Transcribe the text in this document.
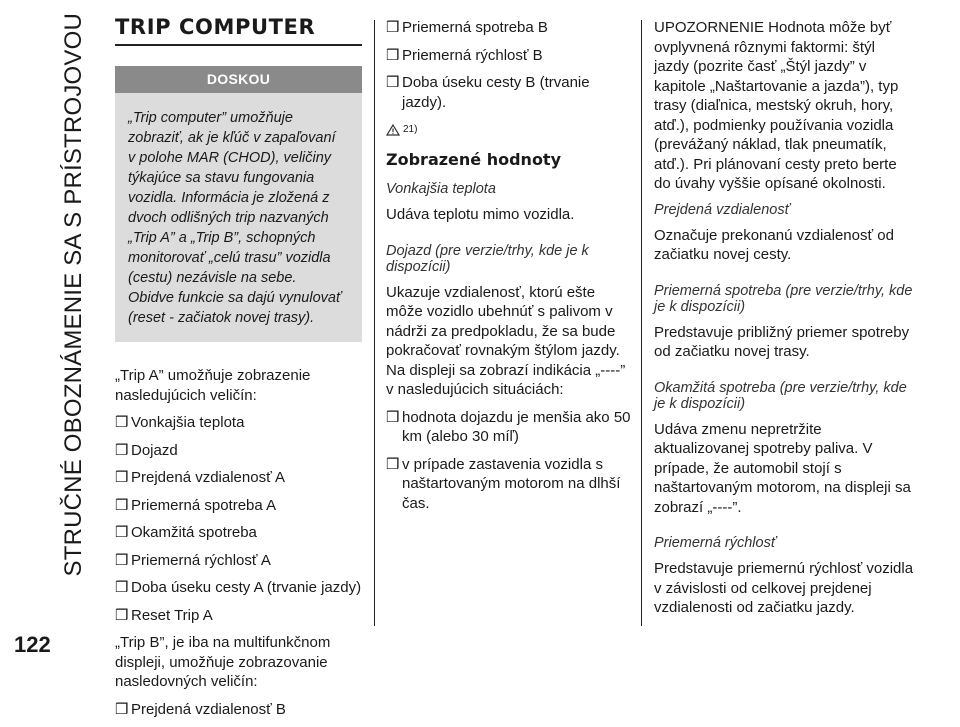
STRUČNÉ OBOZNÁMENIE SA S PRÍSTROJOVOU
122
TRIP COMPUTER
DOSKOU
„Trip computer” umožňuje zobraziť, ak je kľúč v zapaľovaní v polohe MAR (CHOD), veličiny týkajúce sa stavu fungovania vozidla. Informácia je zložená z dvoch odlišných trip nazvaných „Trip A” a „Trip B”, schopných monitorovať „celú trasu” vozidla (cestu) nezávisle na sebe. Obidve funkcie sa dajú vynulovať (reset - začiatok novej trasy).

„Trip A” umožňuje zobrazenie nasledujúcich veličín:

❒ Vonkajšia teplota

❒ Dojazd

❒ Prejdená vzdialenosť A

❒ Priemerná spotreba A

❒ Okamžitá spotreba

❒ Priemerná rýchlosť A

❒ Doba úseku cesty A (trvanie jazdy)

❒ Reset Trip A

„Trip B”, je iba na multifunkčnom displeji, umožňuje zobrazovanie nasledovných veličín:

❒ Prejdená vzdialenosť B

❒ Priemerná spotreba B

❒ Priemerná rýchlosť B

❒ Doba úseku cesty B (trvanie jazdy).

21)
Zobrazené hodnoty

Vonkajšia teplota

Udáva teplotu mimo vozidla.

Dojazd (pre verzie/trhy, kde je k dispozícii)

Ukazuje vzdialenosť, ktorú ešte môže vozidlo ubehnúť s palivom v nádrži za predpokladu, že sa bude pokračovať rovnakým štýlom jazdy. Na displeji sa zobrazí indikácia „----” v nasledujúcich situáciách:

❒ hodnota dojazdu je menšia ako 50 km (alebo 30 míľ)

❒ v prípade zastavenia vozidla s naštartovaným motorom na dlhší čas.

UPOZORNENIE Hodnota môže byť ovplyvnená rôznymi faktormi: štýl jazdy (pozrite časť „Štýl jazdy” v kapitole „Naštartovanie a jazda”), typ trasy (diaľnica, mestský okruh, hory, atď.), podmienky používania vozidla (prevážaný náklad, tlak pneumatík, atď.). Pri plánovaní cesty preto berte do úvahy vyššie opísané okolnosti.

Prejdená vzdialenosť

Označuje prekonanú vzdialenosť od začiatku novej cesty.

Priemerná spotreba (pre verzie/trhy, kde je k dispozícii)

Predstavuje približný priemer spotreby od začiatku novej trasy.

Okamžitá spotreba (pre verzie/trhy, kde je k dispozícii)

Udáva zmenu nepretržite aktualizovanej spotreby paliva. V prípade, že automobil stojí s naštartovaným motorom, na displeji sa zobrazí „----”.

Priemerná rýchlosť

Predstavuje priemernú rýchlosť vozidla v závislosti od celkovej prejdenej vzdialenosti od začiatku jazdy.
